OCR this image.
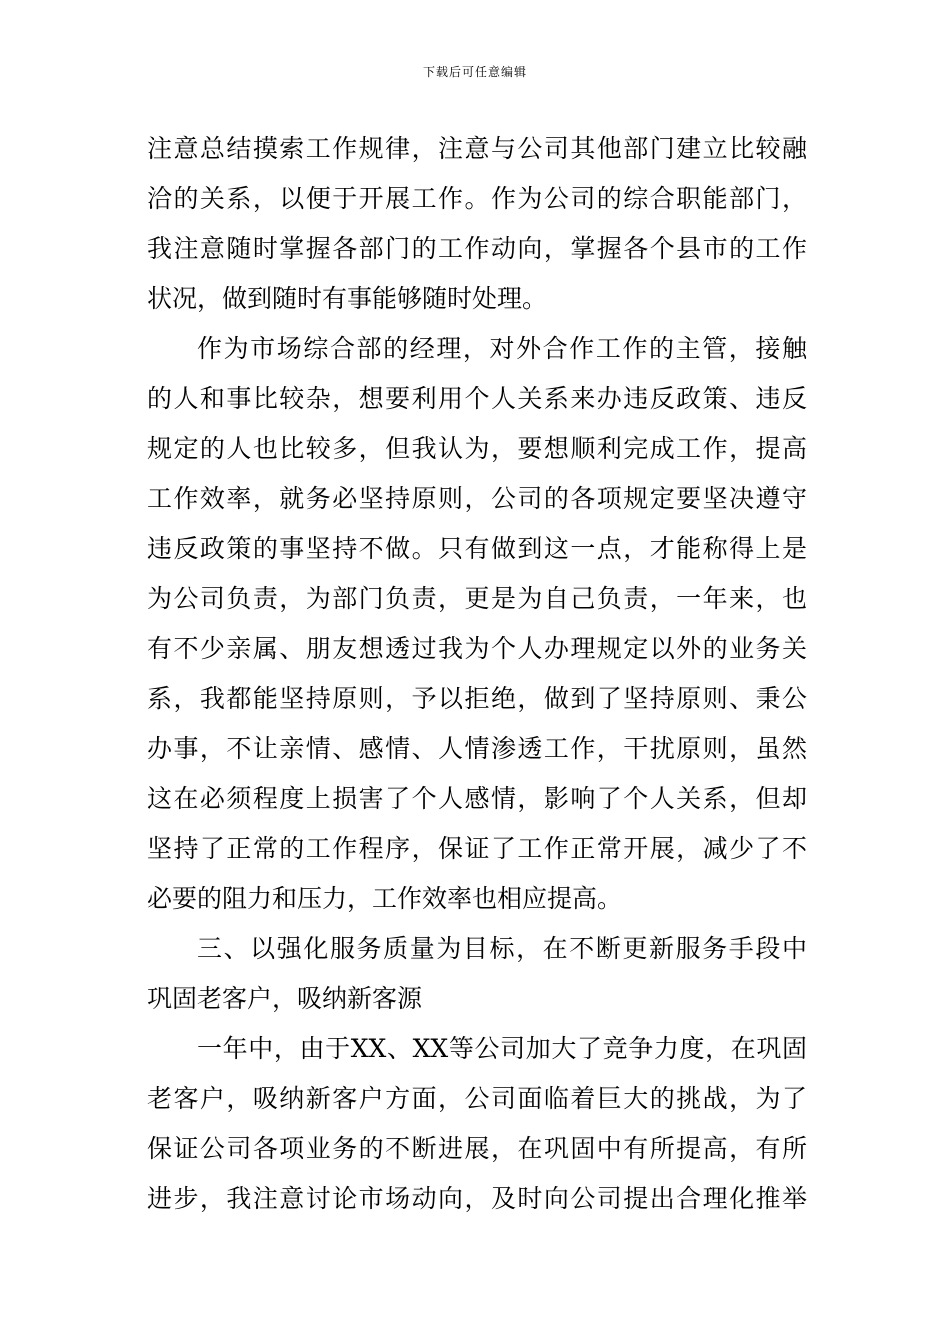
下载后可任意编辑
注意总结摸索工作规律，注意与公司其他部门建立比较融
洽的关系，以便于开展工作。作为公司的综合职能部门，
我注意随时掌握各部门的工作动向，掌握各个县市的工作
状况，做到随时有事能够随时处理。
作为市场综合部的经理，对外合作工作的主管，接触
的人和事比较杂，想要利用个人关系来办违反政策、违反
规定的人也比较多，但我认为，要想顺利完成工作，提高
工作效率，就务必坚持原则，公司的各项规定要坚决遵守
违反政策的事坚持不做。只有做到这一点，才能称得上是
为公司负责，为部门负责，更是为自己负责，一年来，也
有不少亲属、朋友想透过我为个人办理规定以外的业务关
系，我都能坚持原则，予以拒绝，做到了坚持原则、秉公
办事，不让亲情、感情、人情渗透工作，干扰原则，虽然
这在必须程度上损害了个人感情，影响了个人关系，但却
坚持了正常的工作程序，保证了工作正常开展，减少了不
必要的阻力和压力，工作效率也相应提高。
三、以强化服务质量为目标，在不断更新服务手段中
巩固老客户，吸纳新客源
一年中，由于XX、XX等公司加大了竞争力度，在巩固
老客户，吸纳新客户方面，公司面临着巨大的挑战，为了
保证公司各项业务的不断进展，在巩固中有所提高，有所
进步，我注意讨论市场动向，及时向公司提出合理化推举
